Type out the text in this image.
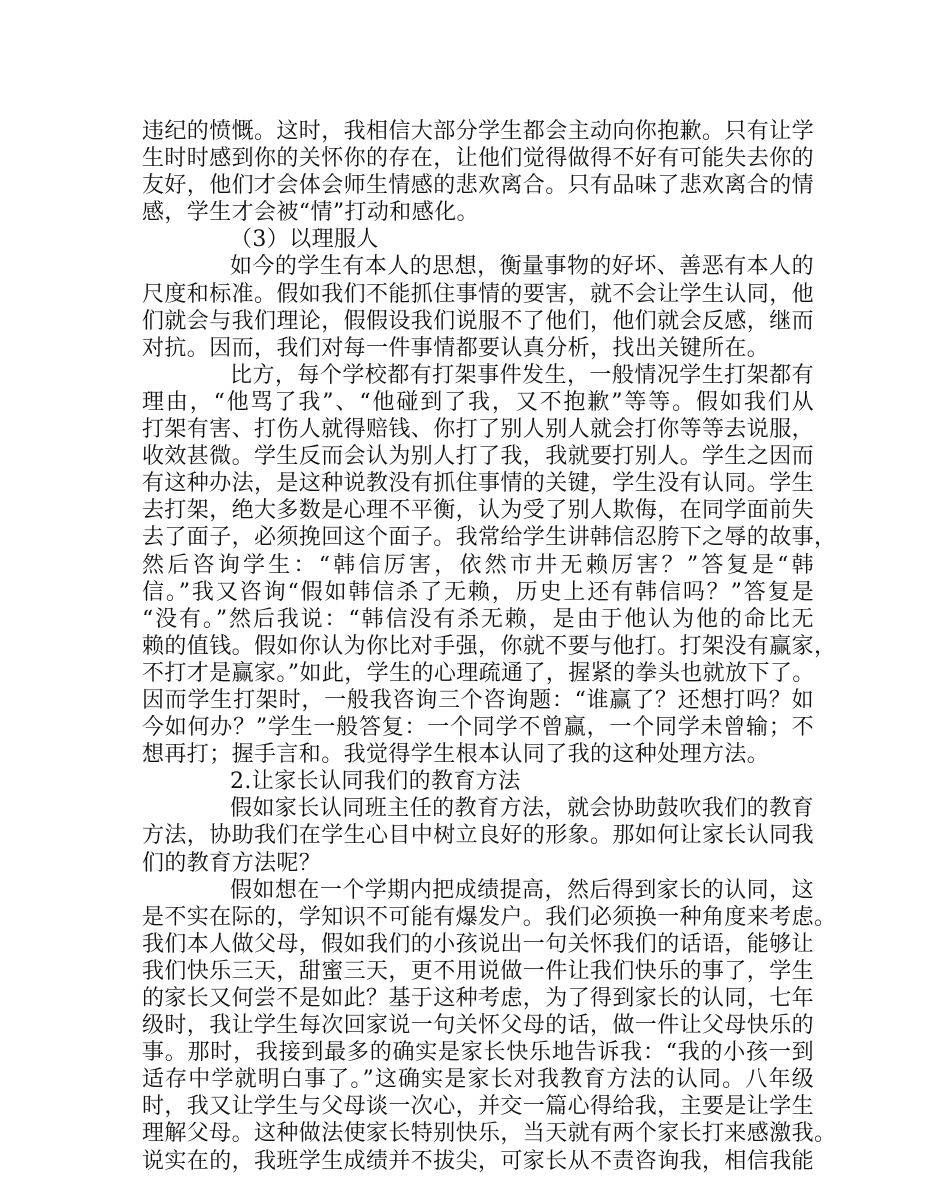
违纪的愤慨。这时，我相信大部分学生都会主动向你抱歉。只有让学
生时时感到你的关怀你的存在，让他们觉得做得不好有可能失去你的
友好，他们才会体会师生情感的悲欢离合。只有品味了悲欢离合的情
感，学生才会被“情”打动和感化。
（3）以理服人
如今的学生有本人的思想，衡量事物的好坏、善恶有本人的
尺度和标准。假如我们不能抓住事情的要害，就不会让学生认同，他
们就会与我们理论，假假设我们说服不了他们，他们就会反感，继而
对抗。因而，我们对每一件事情都要认真分析，找出关键所在。
比方，每个学校都有打架事件发生，一般情况学生打架都有
理由，“他骂了我”、“他碰到了我，又不抱歉”等等。假如我们从
打架有害、打伤人就得赔钱、你打了别人别人就会打你等等去说服，
收效甚微。学生反而会认为别人打了我，我就要打别人。学生之因而
有这种办法，是这种说教没有抓住事情的关键，学生没有认同。学生
去打架，绝大多数是心理不平衡，认为受了别人欺侮，在同学面前失
去了面子，必须挽回这个面子。我常给学生讲韩信忍胯下之辱的故事，
然后咨询学生：“韩信厉害，依然市井无赖厉害？”答复是“韩
信。”我又咨询“假如韩信杀了无赖，历史上还有韩信吗？”答复是
“没有。”然后我说：“韩信没有杀无赖，是由于他认为他的命比无
赖的值钱。假如你认为你比对手强，你就不要与他打。打架没有赢家，
不打才是赢家。”如此，学生的心理疏通了，握紧的拳头也就放下了。
因而学生打架时，一般我咨询三个咨询题：“谁赢了？还想打吗？如
今如何办？”学生一般答复：一个同学不曾赢，一个同学未曾输；不
想再打；握手言和。我觉得学生根本认同了我的这种处理方法。
2.让家长认同我们的教育方法
假如家长认同班主任的教育方法，就会协助鼓吹我们的教育
方法，协助我们在学生心目中树立良好的形象。那如何让家长认同我
们的教育方法呢？
假如想在一个学期内把成绩提高，然后得到家长的认同，这
是不实在际的，学知识不可能有爆发户。我们必须换一种角度来考虑。
我们本人做父母，假如我们的小孩说出一句关怀我们的话语，能够让
我们快乐三天，甜蜜三天，更不用说做一件让我们快乐的事了，学生
的家长又何尝不是如此？基于这种考虑，为了得到家长的认同，七年
级时，我让学生每次回家说一句关怀父母的话，做一件让父母快乐的
事。那时，我接到最多的确实是家长快乐地告诉我：“我的小孩一到
适存中学就明白事了。”这确实是家长对我教育方法的认同。八年级
时，我又让学生与父母谈一次心，并交一篇心得给我，主要是让学生
理解父母。这种做法使家长特别快乐，当天就有两个家长打来感激我。
说实在的，我班学生成绩并不拔尖，可家长从不责咨询我，相信我能
